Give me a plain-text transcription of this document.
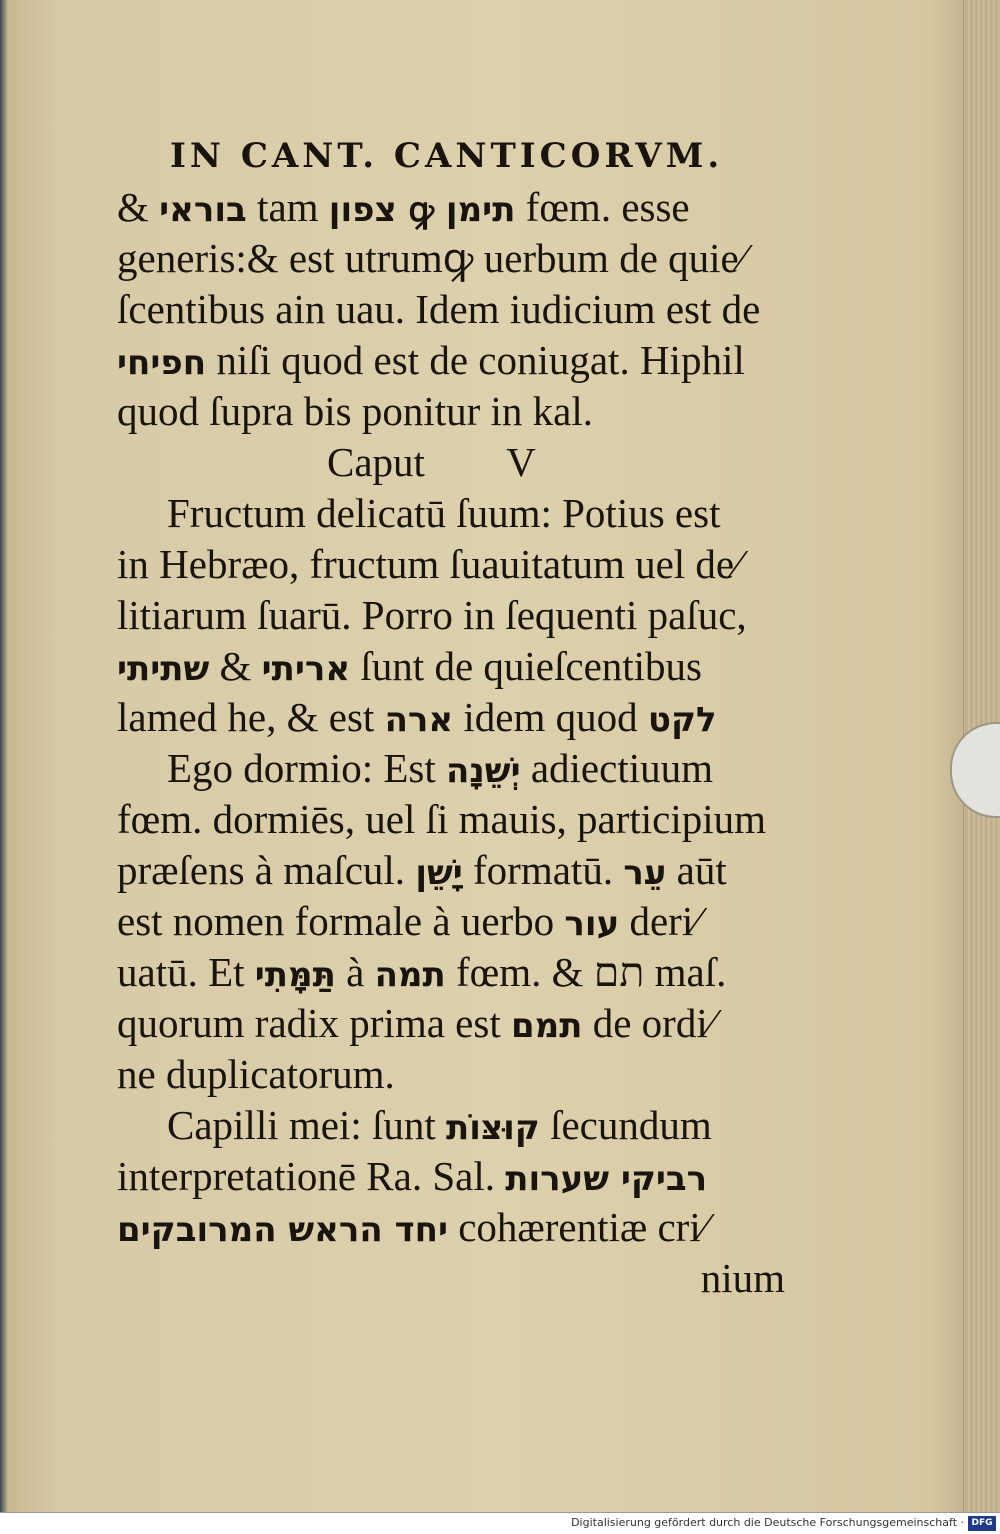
IN CANT. CANTICORVM.
& בוראי tam צפון ꝙ תימן fœm. esse
generis:& est utrumꝙ uerbum de quie⁄
ſcentibus ain uau. Idem iudicium est de
חפיחי niſi quod est de coniugat. Hiphil
quod ſupra bis ponitur in kal.
Caput        V
Fructum delicatū ſuum: Potius est
in Hebræo, fructum ſuauitatum uel de⁄
litiarum ſuarū. Porro in ſequenti paſuc,
אריתי & שתיתי	ſunt de quieſcentibus
lamed he, & est ארה idem quod לקט
Ego dormio: Est יְשֵׁנָה adiectiuum
fœm. dormiēs, uel ſi mauis, participium
præſens à maſcul. יָשֵׁן formatū. עֵר aūt
est nomen formale à uerbo עור deri⁄
uatū. Et תַּמָּתִי à תמה fœm. & תם maſ.
quorum radix prima est תמם de ordi⁄
ne duplicatorum.
Capilli mei: ſunt קוּצּוֹת ſecundum
interpretationē Ra. Sal. רביקי שערות
יחד הראש המרובקים cohærentiæ cri⁄
nium
Digitalisierung gefördert durch die Deutsche Forschungsgemeinschaft · DFG
